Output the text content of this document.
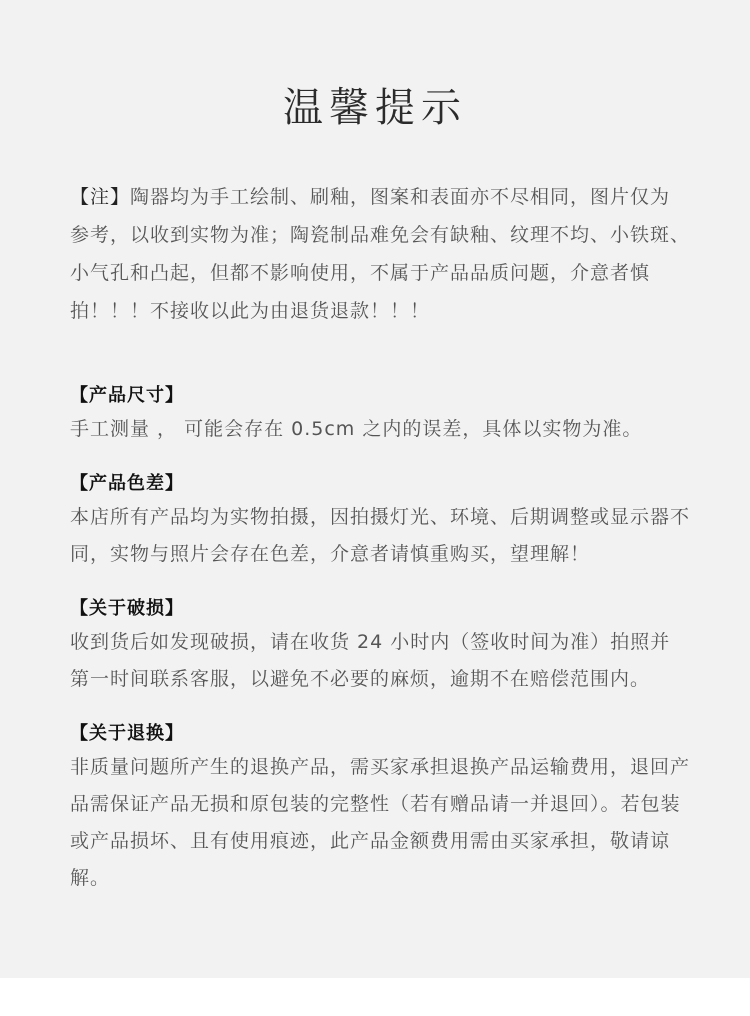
温馨提示

【注】陶器均为手工绘制、刷釉，图案和表面亦不尽相同，图片仅为参考，以收到实物为准；陶瓷制品难免会有缺釉、纹理不均、小铁斑、小气孔和凸起，但都不影响使用，不属于产品品质问题，介意者慎拍！！！不接收以此为由退货退款！！！

【产品尺寸】

手工测量 ， 可能会存在 0.5cm 之内的误差，具体以实物为准。

【产品色差】

本店所有产品均为实物拍摄，因拍摄灯光、环境、后期调整或显示器不同，实物与照片会存在色差，介意者请慎重购买，望理解！

【关于破损】

收到货后如发现破损，请在收货 24 小时内（签收时间为准）拍照并第一时间联系客服，以避免不必要的麻烦，逾期不在赔偿范围内。

【关于退换】

非质量问题所产生的退换产品，需买家承担退换产品运输费用，退回产品需保证产品无损和原包装的完整性（若有赠品请一并退回）。若包装或产品损坏、且有使用痕迹，此产品金额费用需由买家承担，敬请谅解。
